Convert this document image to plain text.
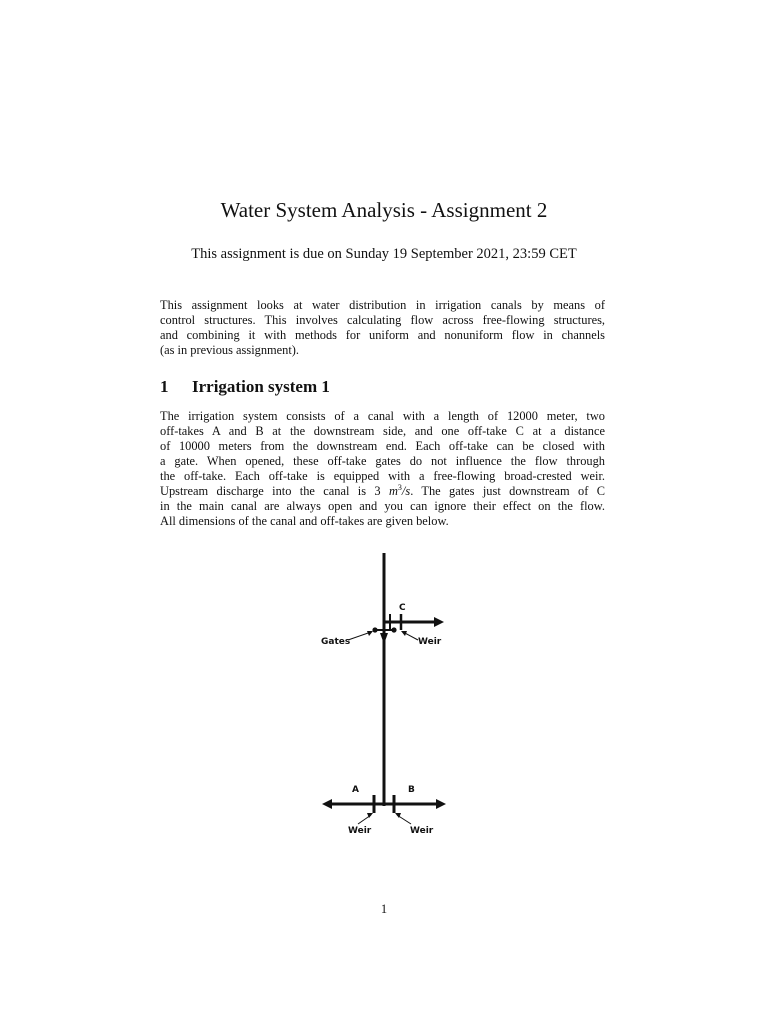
Water System Analysis - Assignment 2
This assignment is due on Sunday 19 September 2021, 23:59 CET
This assignment looks at water distribution in irrigation canals by means of
control structures. This involves calculating flow across free-flowing structures,
and combining it with methods for uniform and nonuniform flow in channels
(as in previous assignment).
1 Irrigation system 1
The irrigation system consists of a canal with a length of 12000 meter, two
off-takes A and B at the downstream side, and one off-take C at a distance
of 10000 meters from the downstream end. Each off-take can be closed with
a gate. When opened, these off-take gates do not influence the flow through
the off-take. Each off-take is equipped with a free-flowing broad-crested weir.
Upstream discharge into the canal is 3 $m^3/s$. The gates just downstream of C
in the main canal are always open and you can ignore their effect on the flow.
All dimensions of the canal and off-takes are given below.
C
Gates	Weir
A	B
Weir	Weir
1
